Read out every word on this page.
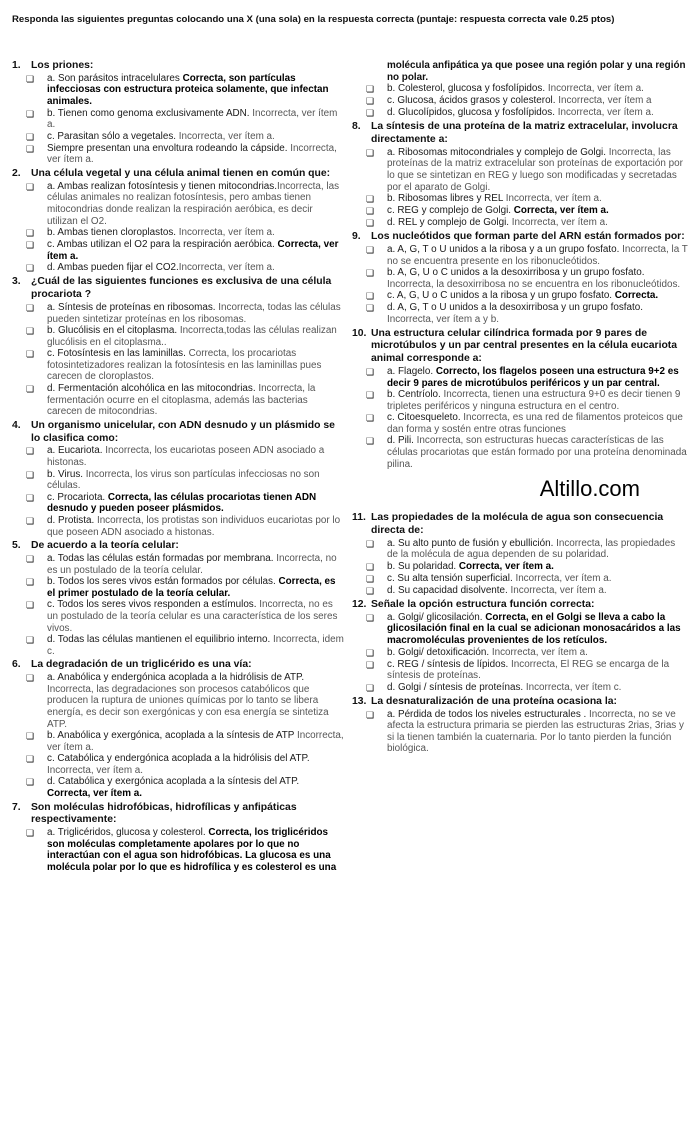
Responda las siguientes preguntas colocando una X (una sola) en la respuesta correcta (puntaje: respuesta correcta vale 0.25 ptos)
1. Los priones:
❏	a. Son parásitos intracelulares Correcta, son partículas infecciosas con estructura proteica solamente, que infectan animales.
❏	b. Tienen como genoma exclusivamente ADN. Incorrecta, ver ítem a.
❏	c. Parasitan sólo a vegetales. Incorrecta, ver ítem a.
❏	Siempre presentan una envoltura rodeando la cápside. Incorrecta, ver ítem a.
2. Una célula vegetal y una célula animal tienen en común que:
❏	a. Ambas realizan fotosíntesis y tienen mitocondrias.Incorrecta, las células animales no realizan fotosíntesis, pero ambas tienen mitocondrias donde realizan la respiración aeróbica, es decir utilizan el O2.
❏	b. Ambas tienen cloroplastos. Incorrecta, ver ítem a.
❏	c. Ambas utilizan el O2 para la respiración aeróbica. Correcta, ver ítem a.
❏	d. Ambas pueden fijar el CO2.Incorrecta, ver ítem a.
3. ¿Cuál de las siguientes funciones es exclusiva de una célula procariota ?
❏	a. Síntesis de proteínas en ribosomas. Incorrecta, todas las células pueden sintetizar proteínas en los ribosomas.
❏	b. Glucólisis en el citoplasma. Incorrecta,todas las células realizan glucólisis en el citoplasma..
❏	c. Fotosíntesis en las laminillas. Correcta, los procariotas fotosintetizadores realizan la fotosíntesis en las laminillas pues carecen de cloroplastos.
❏	d. Fermentación alcohólica en las mitocondrias. Incorrecta, la fermentación ocurre en el citoplasma, además las bacterias carecen de mitocondrias.
4. Un organismo unicelular, con ADN desnudo y un plásmido se lo clasifica como:
❏	a. Eucariota. Incorrecta, los eucariotas poseen ADN asociado a histonas.
❏	b. Virus. Incorrecta, los virus son partículas infecciosas no son células.
❏	c. Procariota. Correcta, las células procariotas tienen ADN desnudo y pueden poseer plásmidos.
❏	d. Protista. Incorrecta, los protistas son individuos eucariotas por lo que poseen ADN asociado a histonas.
5. De acuerdo a la teoría celular:
❏	a. Todas las células están formadas por membrana. Incorrecta, no es un postulado de la teoría celular.
❏	b. Todos los seres vivos están formados por células. Correcta, es el primer postulado de la teoría celular.
❏	c. Todos los seres vivos responden a estímulos. Incorrecta, no es un postulado de la teoría celular es una característica de los seres vivos.
❏	d. Todas las células mantienen el equilibrio interno. Incorrecta, idem c.
6. La degradación de un triglicérido es una vía:
❏	a. Anabólica y endergónica acoplada a la hidrólisis de ATP. Incorrecta, las degradaciones son procesos catabólicos que producen la ruptura de uniones químicas por lo tanto se libera energía, es decir son exergónicas y con esa energía se sintetiza ATP.
❏	b. Anabólica y exergónica, acoplada a la síntesis de ATP Incorrecta, ver ítem a.
❏	c. Catabólica y endergónica acoplada a la hidrólisis del ATP. Incorrecta, ver ítem a.
❏	d. Catabólica y exergónica acoplada a la síntesis del ATP. Correcta, ver ítem a.
7. Son moléculas hidrofóbicas, hidrofílicas y anfipáticas respectivamente:
❏	a. Triglicéridos, glucosa y colesterol. Correcta, los triglicéridos son moléculas completamente apolares por lo que no interactúan con el agua son hidrofóbicas. La glucosa es una molécula polar por lo que es hidrofílica y es colesterol es una
molécula anfipática ya que posee una región polar y una región no polar.
❏	b. Colesterol, glucosa y fosfolípidos. Incorrecta, ver ítem a.
❏	c. Glucosa, ácidos grasos y colesterol. Incorrecta, ver ítem a
❏	d. Glucolípidos, glucosa y fosfolípidos. Incorrecta, ver ítem a.
8. La síntesis de una proteína de la matriz extracelular, involucra directamente a:
❏	a. Ribosomas mitocondriales y complejo de Golgi. Incorrecta, las proteínas de la matriz extracelular son proteínas de exportación por lo que se sintetizan en REG y luego son modificadas y secretadas por el aparato de Golgi.
❏	b. Ribosomas libres y REL Incorrecta, ver ítem a.
❏	c. REG y complejo de Golgi. Correcta, ver ítem a.
❏	d. REL y complejo de Golgi. Incorrecta, ver ítem a.
9. Los nucleótidos que forman parte del ARN están formados por:
❏	a. A, G, T o U unidos a la ribosa y a un grupo fosfato. Incorrecta, la T no se encuentra presente en los ribonucleótidos.
❏	b. A, G, U o C unidos a la desoxirribosa y un grupo fosfato. Incorrecta, la desoxirribosa no se encuentra en los ribonucleótidos.
❏	c. A, G, U o C unidos a la ribosa y un grupo fosfato. Correcta.
❏	d. A, G, T o U unidos a la desoxirribosa y un grupo fosfato. Incorrecta, ver ítem a y b.
10. Una estructura celular cilíndrica formada por 9 pares de microtúbulos y un par central presentes en la célula eucariota animal corresponde a:
❏	a. Flagelo. Correcto, los flagelos poseen una estructura 9+2 es decir 9 pares de microtúbulos periféricos y un par central.
❏	b. Centríolo. Incorrecta, tienen una estructura 9+0 es decir tienen 9 tripletes periféricos y ninguna estructura en el centro.
❏	c. Citoesqueleto. Incorrecta, es una red de filamentos proteicos que dan forma y sostén entre otras funciones
❏	d. Pili. Incorrecta, son estructuras huecas características de las células procariotas que están formado por una proteína denominada pilina.
Altillo.com
11. Las propiedades de la molécula de agua son consecuencia directa de:
❏	a. Su alto punto de fusión y ebullición. Incorrecta, las propiedades de la molécula de agua dependen de su polaridad.
❏	b. Su polaridad. Correcta, ver ítem a.
❏	c. Su alta tensión superficial. Incorrecta, ver ítem a.
❏	d. Su capacidad disolvente. Incorrecta, ver ítem a.
12. Señale la opción estructura función correcta:
❏	a. Golgi/ glicosilación. Correcta, en el Golgi se lleva a cabo la glicosilación final en la cual se adicionan monosacáridos a las macromoléculas provenientes de los retículos.
❏	b. Golgi/ detoxificación. Incorrecta, ver ítem a.
❏	c. REG / síntesis de lípidos. Incorrecta, El REG se encarga de la síntesis de proteínas.
❏	d. Golgi / síntesis de proteínas. Incorrecta, ver ítem c.
13. La desnaturalización de una proteína ocasiona la:
❏	a. Pérdida de todos los niveles estructurales . Incorrecta, no se ve afecta la estructura primaria se pierden las estructuras 2rias, 3rias y si la tienen también la cuaternaria. Por lo tanto pierden la función biológica.
